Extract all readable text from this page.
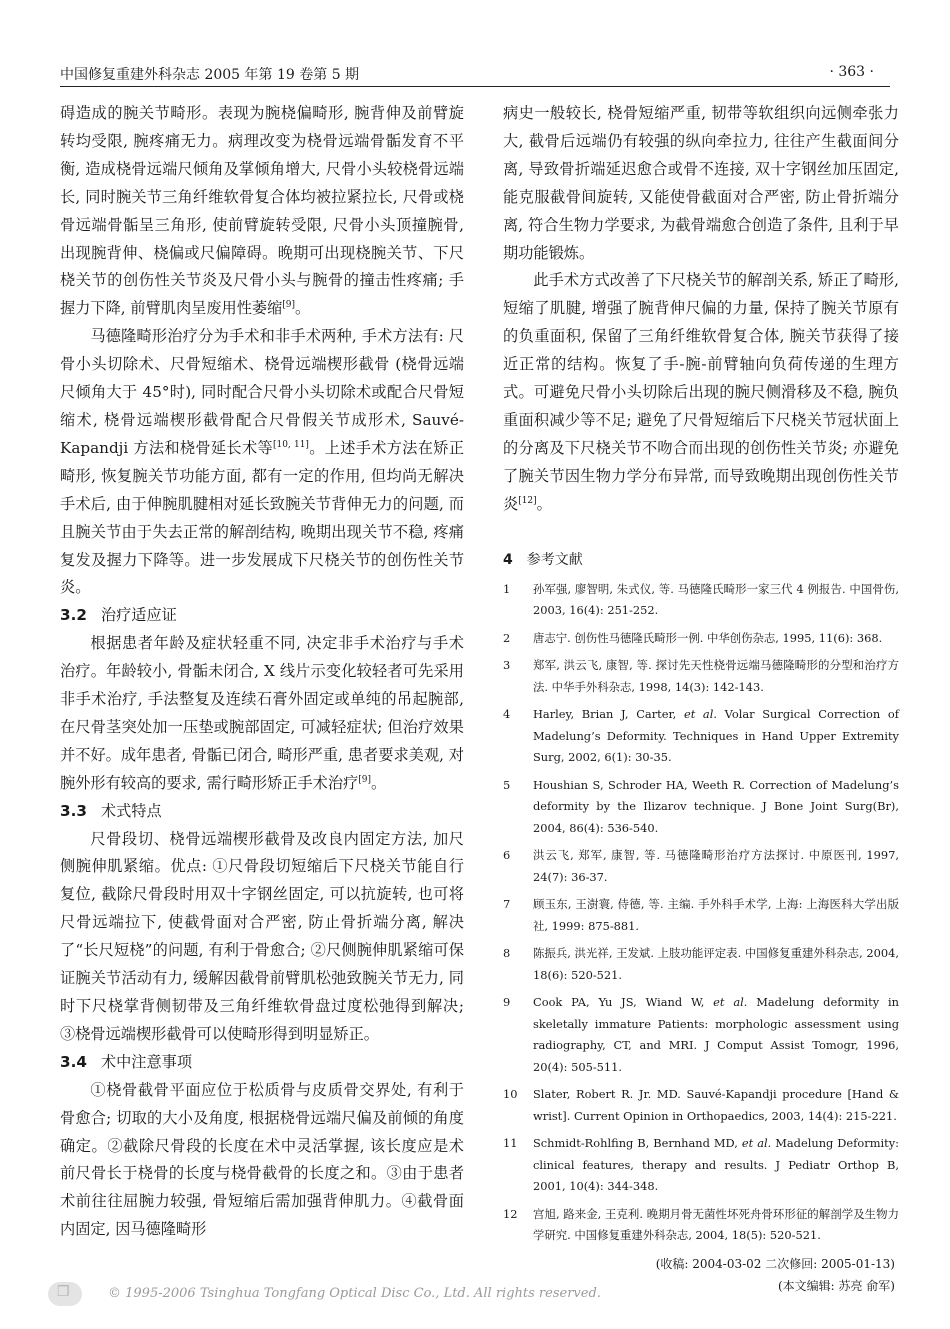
中国修复重建外科杂志 2005 年第 19 卷第 5 期	· 363 ·

碍造成的腕关节畸形。表现为腕桡偏畸形, 腕背伸及前臂旋转均受限, 腕疼痛无力。病理改变为桡骨远端骨骺发育不平衡, 造成桡骨远端尺倾角及掌倾角增大, 尺骨小头较桡骨远端长, 同时腕关节三角纤维软骨复合体均被拉紧拉长, 尺骨或桡骨远端骨骺呈三角形, 使前臂旋转受限, 尺骨小头顶撞腕骨, 出现腕背伸、桡偏或尺偏障碍。晚期可出现桡腕关节、下尺桡关节的创伤性关节炎及尺骨小头与腕骨的撞击性疼痛; 手握力下降, 前臂肌肉呈废用性萎缩[9]。

马德隆畸形治疗分为手术和非手术两种, 手术方法有: 尺骨小头切除术、尺骨短缩术、桡骨远端楔形截骨 (桡骨远端尺倾角大于 45°时), 同时配合尺骨小头切除术或配合尺骨短缩术, 桡骨远端楔形截骨配合尺骨假关节成形术, Sauvé-Kapandji 方法和桡骨延长术等[10, 11]。上述手术方法在矫正畸形, 恢复腕关节功能方面, 都有一定的作用, 但均尚无解决手术后, 由于伸腕肌腱相对延长致腕关节背伸无力的问题, 而且腕关节由于失去正常的解剖结构, 晚期出现关节不稳, 疼痛复发及握力下降等。进一步发展成下尺桡关节的创伤性关节炎。

3.2 治疗适应证

根据患者年龄及症状轻重不同, 决定非手术治疗与手术治疗。年龄较小, 骨骺未闭合, X 线片示变化较轻者可先采用非手术治疗, 手法整复及连续石膏外固定或单纯的吊起腕部, 在尺骨茎突处加一压垫或腕部固定, 可减轻症状; 但治疗效果并不好。成年患者, 骨骺已闭合, 畸形严重, 患者要求美观, 对腕外形有较高的要求, 需行畸形矫正手术治疗[9]。

3.3 术式特点

尺骨段切、桡骨远端楔形截骨及改良内固定方法, 加尺侧腕伸肌紧缩。优点: ①尺骨段切短缩后下尺桡关节能自行复位, 截除尺骨段时用双十字钢丝固定, 可以抗旋转, 也可将尺骨远端拉下, 使截骨面对合严密, 防止骨折端分离, 解决了“长尺短桡”的问题, 有利于骨愈合; ②尺侧腕伸肌紧缩可保证腕关节活动有力, 缓解因截骨前臂肌松弛致腕关节无力, 同时下尺桡掌背侧韧带及三角纤维软骨盘过度松弛得到解决; ③桡骨远端楔形截骨可以使畸形得到明显矫正。

3.4 术中注意事项

①桡骨截骨平面应位于松质骨与皮质骨交界处, 有利于骨愈合; 切取的大小及角度, 根据桡骨远端尺偏及前倾的角度确定。②截除尺骨段的长度在术中灵活掌握, 该长度应是术前尺骨长于桡骨的长度与桡骨截骨的长度之和。③由于患者术前往往屈腕力较强, 骨短缩后需加强背伸肌力。④截骨面内固定, 因马德隆畸形

病史一般较长, 桡骨短缩严重, 韧带等软组织向远侧牵张力大, 截骨后远端仍有较强的纵向牵拉力, 往往产生截面间分离, 导致骨折端延迟愈合或骨不连接, 双十字钢丝加压固定, 能克服截骨间旋转, 又能使骨截面对合严密, 防止骨折端分离, 符合生物力学要求, 为截骨端愈合创造了条件, 且利于早期功能锻炼。

此手术方式改善了下尺桡关节的解剖关系, 矫正了畸形, 短缩了肌腱, 增强了腕背伸尺偏的力量, 保持了腕关节原有的负重面积, 保留了三角纤维软骨复合体, 腕关节获得了接近正常的结构。恢复了手-腕-前臂轴向负荷传递的生理方式。可避免尺骨小头切除后出现的腕尺侧滑移及不稳, 腕负重面积减少等不足; 避免了尺骨短缩后下尺桡关节冠状面上的分离及下尺桡关节不吻合而出现的创伤性关节炎; 亦避免了腕关节因生物力学分布异常, 而导致晚期出现创伤性关节炎[12]。

4 参考文献
1 孙军强, 廖智明, 朱式仪, 等. 马德隆氏畸形一家三代 4 例报告. 中国骨伤, 2003, 16(4): 251-252.
2 唐志宁. 创伤性马德隆氏畸形一例. 中华创伤杂志, 1995, 11(6): 368.
3 郑军, 洪云飞, 康智, 等. 探讨先天性桡骨远端马德隆畸形的分型和治疗方法. 中华手外科杂志, 1998, 14(3): 142-143.
4 Harley, Brian J, Carter, et al. Volar Surgical Correction of Madelung’s Deformity. Techniques in Hand Upper Extremity Surg, 2002, 6(1): 30-35.
5 Houshian S, Schroder HA, Weeth R. Correction of Madelung’s deformity by the Ilizarov technique. J Bone Joint Surg(Br), 2004, 86(4): 536-540.
6 洪云飞, 郑军, 康智, 等. 马德隆畸形治疗方法探讨. 中原医刊, 1997, 24(7): 36-37.
7 顾玉东, 王澍寰, 侍德, 等. 主编. 手外科手术学, 上海: 上海医科大学出版社, 1999: 875-881.
8 陈振兵, 洪光祥, 王发斌. 上肢功能评定表. 中国修复重建外科杂志, 2004, 18(6): 520-521.
9 Cook PA, Yu JS, Wiand W, et al. Madelung deformity in skeletally immature Patients: morphologic assessment using radiography, CT, and MRI. J Comput Assist Tomogr, 1996, 20(4): 505-511.
10 Slater, Robert R. Jr. MD. Sauvé-Kapandji procedure [Hand & wrist]. Current Opinion in Orthopaedics, 2003, 14(4): 215-221.
11 Schmidt-Rohlfing B, Bernhand MD, et al. Madelung Deformity: clinical features, therapy and results. J Pediatr Orthop B, 2001, 10(4): 344-348.
12 宫旭, 路来金, 王克利. 晚期月骨无菌性坏死舟骨环形征的解剖学及生物力学研究. 中国修复重建外科杂志, 2004, 18(5): 520-521.
(收稿: 2004-03-02 二次修回: 2005-01-13)
(本文编辑: 苏亮 俞军)
❒
© 1995-2006 Tsinghua Tongfang Optical Disc Co., Ltd. All rights reserved.
